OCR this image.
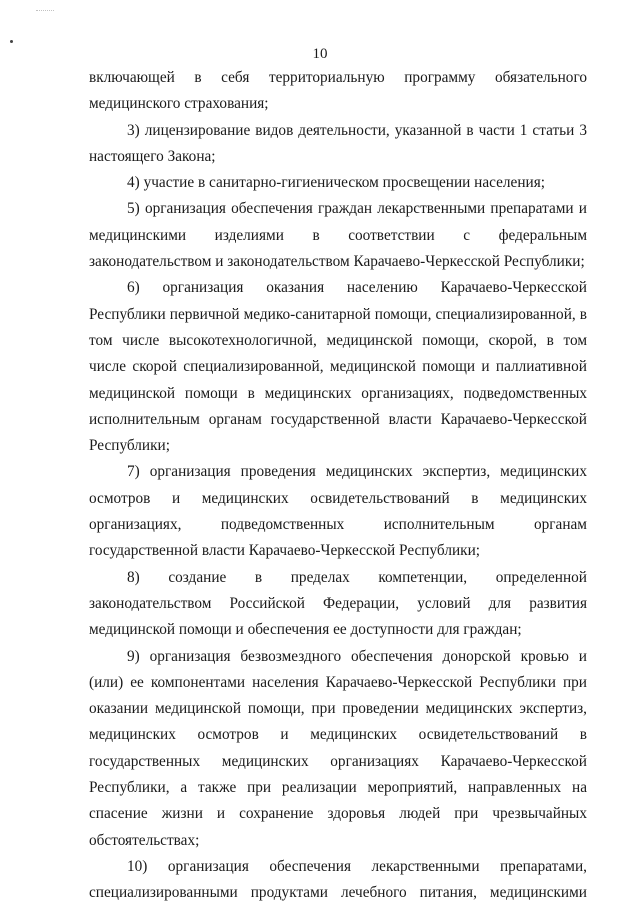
10

включающей в себя территориальную программу обязательного медицинского страхования;

3) лицензирование видов деятельности, указанной в части 1 статьи 3 настоящего Закона;

4) участие в санитарно-гигиеническом просвещении населения;

5) организация обеспечения граждан лекарственными препаратами и медицинскими изделиями в соответствии с федеральным законодательством и законодательством Карачаево-Черкесской Республики;

6) организация оказания населению Карачаево-Черкесской Республики первичной медико-санитарной помощи, специализированной, в том числе высокотехнологичной, медицинской помощи, скорой, в том числе скорой специализированной, медицинской помощи и паллиативной медицинской помощи в медицинских организациях, подведомственных исполнительным органам государственной власти Карачаево-Черкесской Республики;

7) организация проведения медицинских экспертиз, медицинских осмотров и медицинских освидетельствований в медицинских организациях, подведомственных исполнительным органам государственной власти Карачаево-Черкесской Республики;

8) создание в пределах компетенции, определенной законодательством Российской Федерации, условий для развития медицинской помощи и обеспечения ее доступности для граждан;

9) организация безвозмездного обеспечения донорской кровью и (или) ее компонентами населения Карачаево-Черкесской Республики при оказании медицинской помощи, при проведении медицинских экспертиз, медицинских осмотров и медицинских освидетельствований в государственных медицинских организациях Карачаево-Черкесской Республики, а также при реализации мероприятий, направленных на спасение жизни и сохранение здоровья людей при чрезвычайных обстоятельствах;

10) организация обеспечения лекарственными препаратами, специализированными продуктами лечебного питания, медицинскими
